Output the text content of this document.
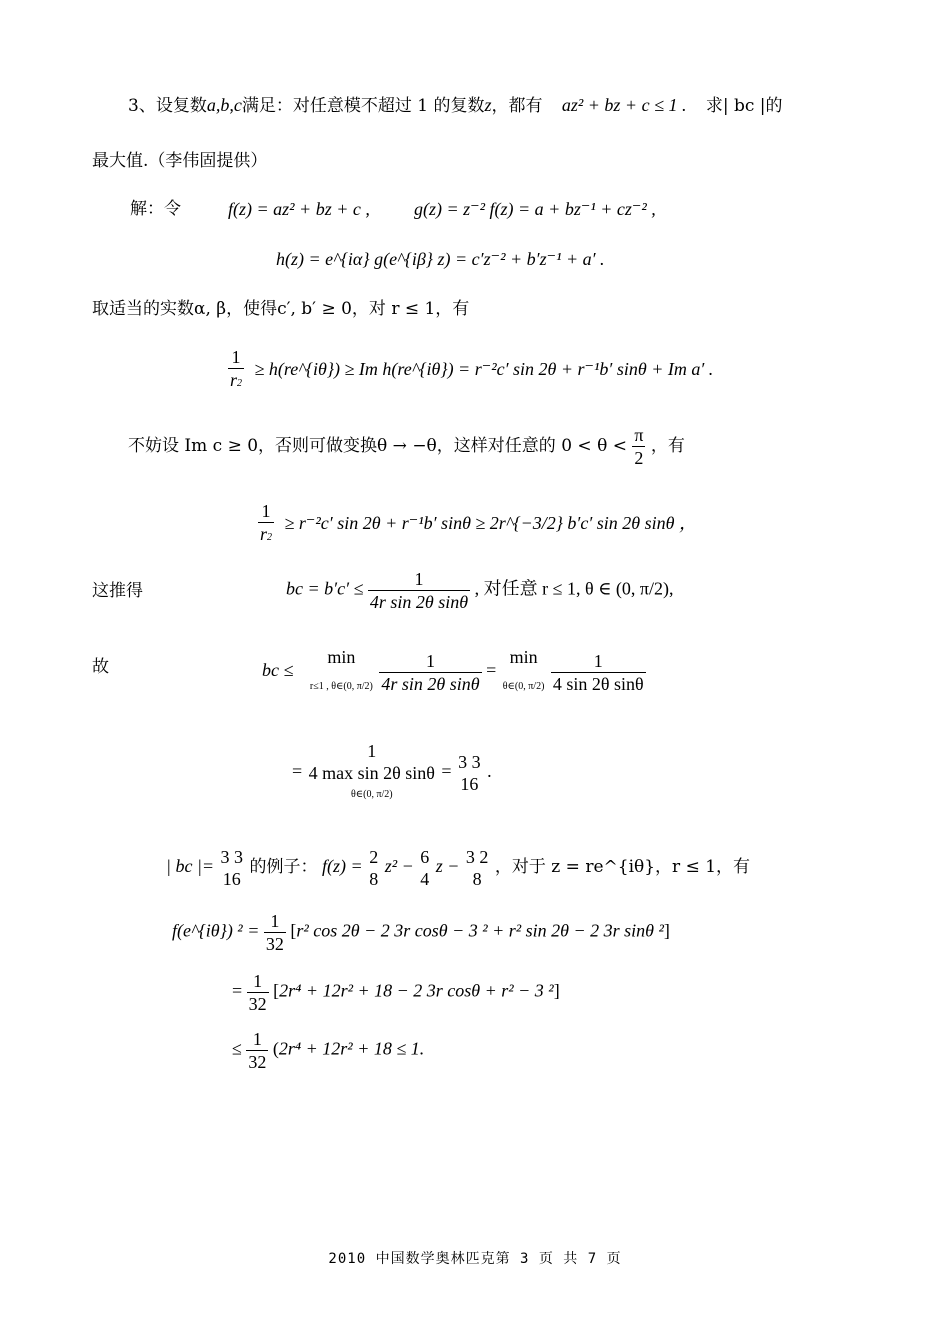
3、设复数a,b,c满足：对任意模不超过 1 的复数z，都有 az² + bz + c ≤ 1 . 求| bc |的
最大值.（李伟固提供）
解：令	f(z) = az² + bz + c , g(z) = z⁻² f(z) = a + bz⁻¹ + cz⁻² ,
h(z) = e^{iα} g(e^{iβ} z) = c′z⁻² + b′z⁻¹ + a′ .
取适当的实数α, β，使得c′, b′ ≥ 0，对 r ≤ 1，有
$\frac{1}{r2}$ ≥ h(re^{iθ}) ≥ Im h(re^{iθ}) = r⁻²c′ sin 2θ + r⁻¹b′ sinθ + Im a′ .
不妨设 Im c ≥ 0，否则可做变换θ → −θ，这样对任意的 $0 < \theta < \frac{\pi}{2}$ ，有
$\frac{1}{r2} \ge r^{-2}c'$ sin 2θ + r⁻¹b′ sinθ ≥ 2r^{−3/2} b′c′ sin 2θ sinθ ，
这推得	bc = $b'c' \le \frac{1}{\text{4r sin 2θ sinθ}}$ , 对任意 r ≤ 1, θ ∈ (0, π/2),
故	bc ≤
min
r≤1 , θ∈(0, π/2)
$\frac{1}{\text{4r sin 2θ sinθ}}$ =
min
θ∈(0, π/2)
$\frac{1}{\text{4 sin 2θ sinθ}}$
=
1
4 max sin 2θ sinθ
θ∈(0, π/2)
= 3 3
16
.
| bc |= 3 3
16
的例子： f(z) = 2
8
z² − 6
4
z − 3 2
8
，对于 z = re^{iθ}，r ≤ 1，有
f(e^{iθ}) $^2 = \frac{1}{32} [r^2$ cos 2θ − 2 3r cosθ − 3 ² + r² sin 2θ − 2 3r sinθ ²]
= $\frac{1}{32} [2r^4 + 12r^2 + 18 - 2$ 3r cosθ + r² − 3 ²]
≤ $\frac{1}{32} (2r^4 + 12r^2 + 18 \le 1$.
2010 中国数学奥林匹克第 3 页 共 7 页
